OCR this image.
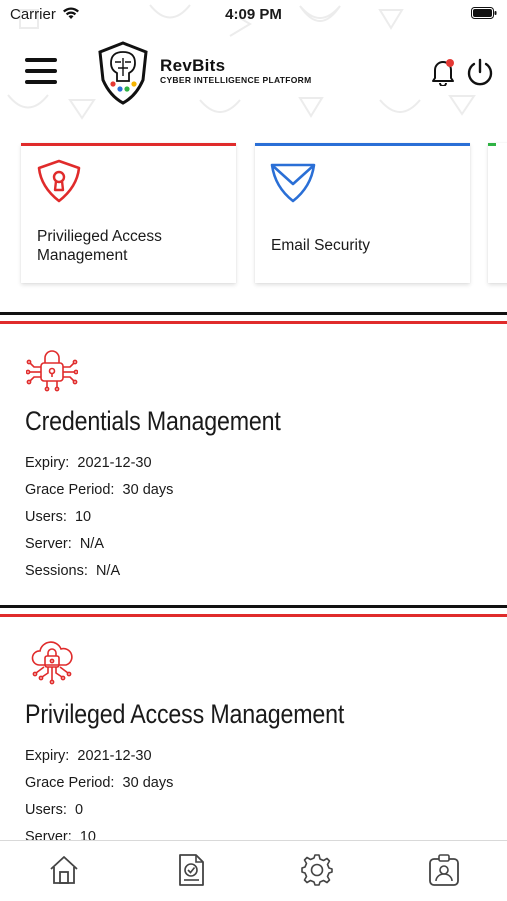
Carrier	4:09 PM
RevBits
CYBER INTELLIGENCE PLATFORM
Privilieged Access
Management
Email Security
Credentials Management
Expiry: 2021-12-30
Grace Period: 30 days
Users: 10
Server: N/A
Sessions: N/A
Privileged Access Management
Expiry: 2021-12-30
Grace Period: 30 days
Users: 0
Server: 10
